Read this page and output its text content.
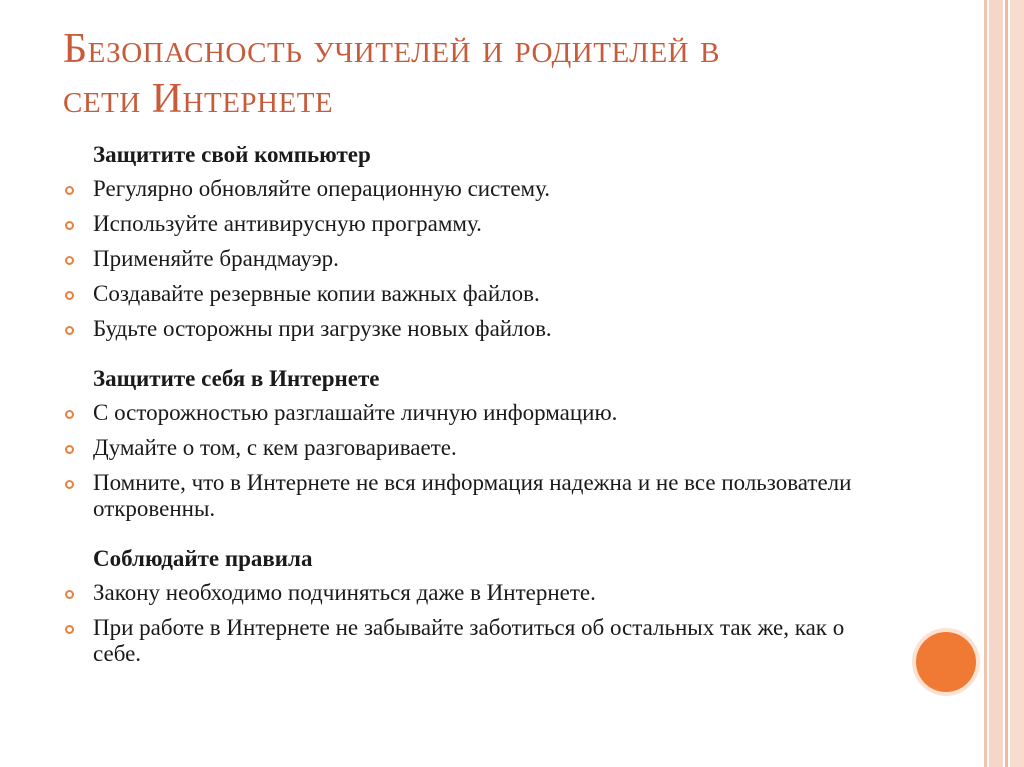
Безопасность учителей и родителей в
сети Интернете
Защитите свой компьютер
Регулярно обновляйте операционную систему.
Используйте антивирусную программу.
Применяйте брандмауэр.
Создавайте резервные копии важных файлов.
Будьте осторожны при загрузке новых файлов.
Защитите себя в Интернете
С осторожностью разглашайте личную информацию.
Думайте о том, с кем разговариваете.
Помните, что в Интернете не вся информация надежна и не все пользователи откровенны.
Соблюдайте правила
Закону необходимо подчиняться даже в Интернете.
При работе в Интернете не забывайте заботиться об остальных так же, как о себе.
